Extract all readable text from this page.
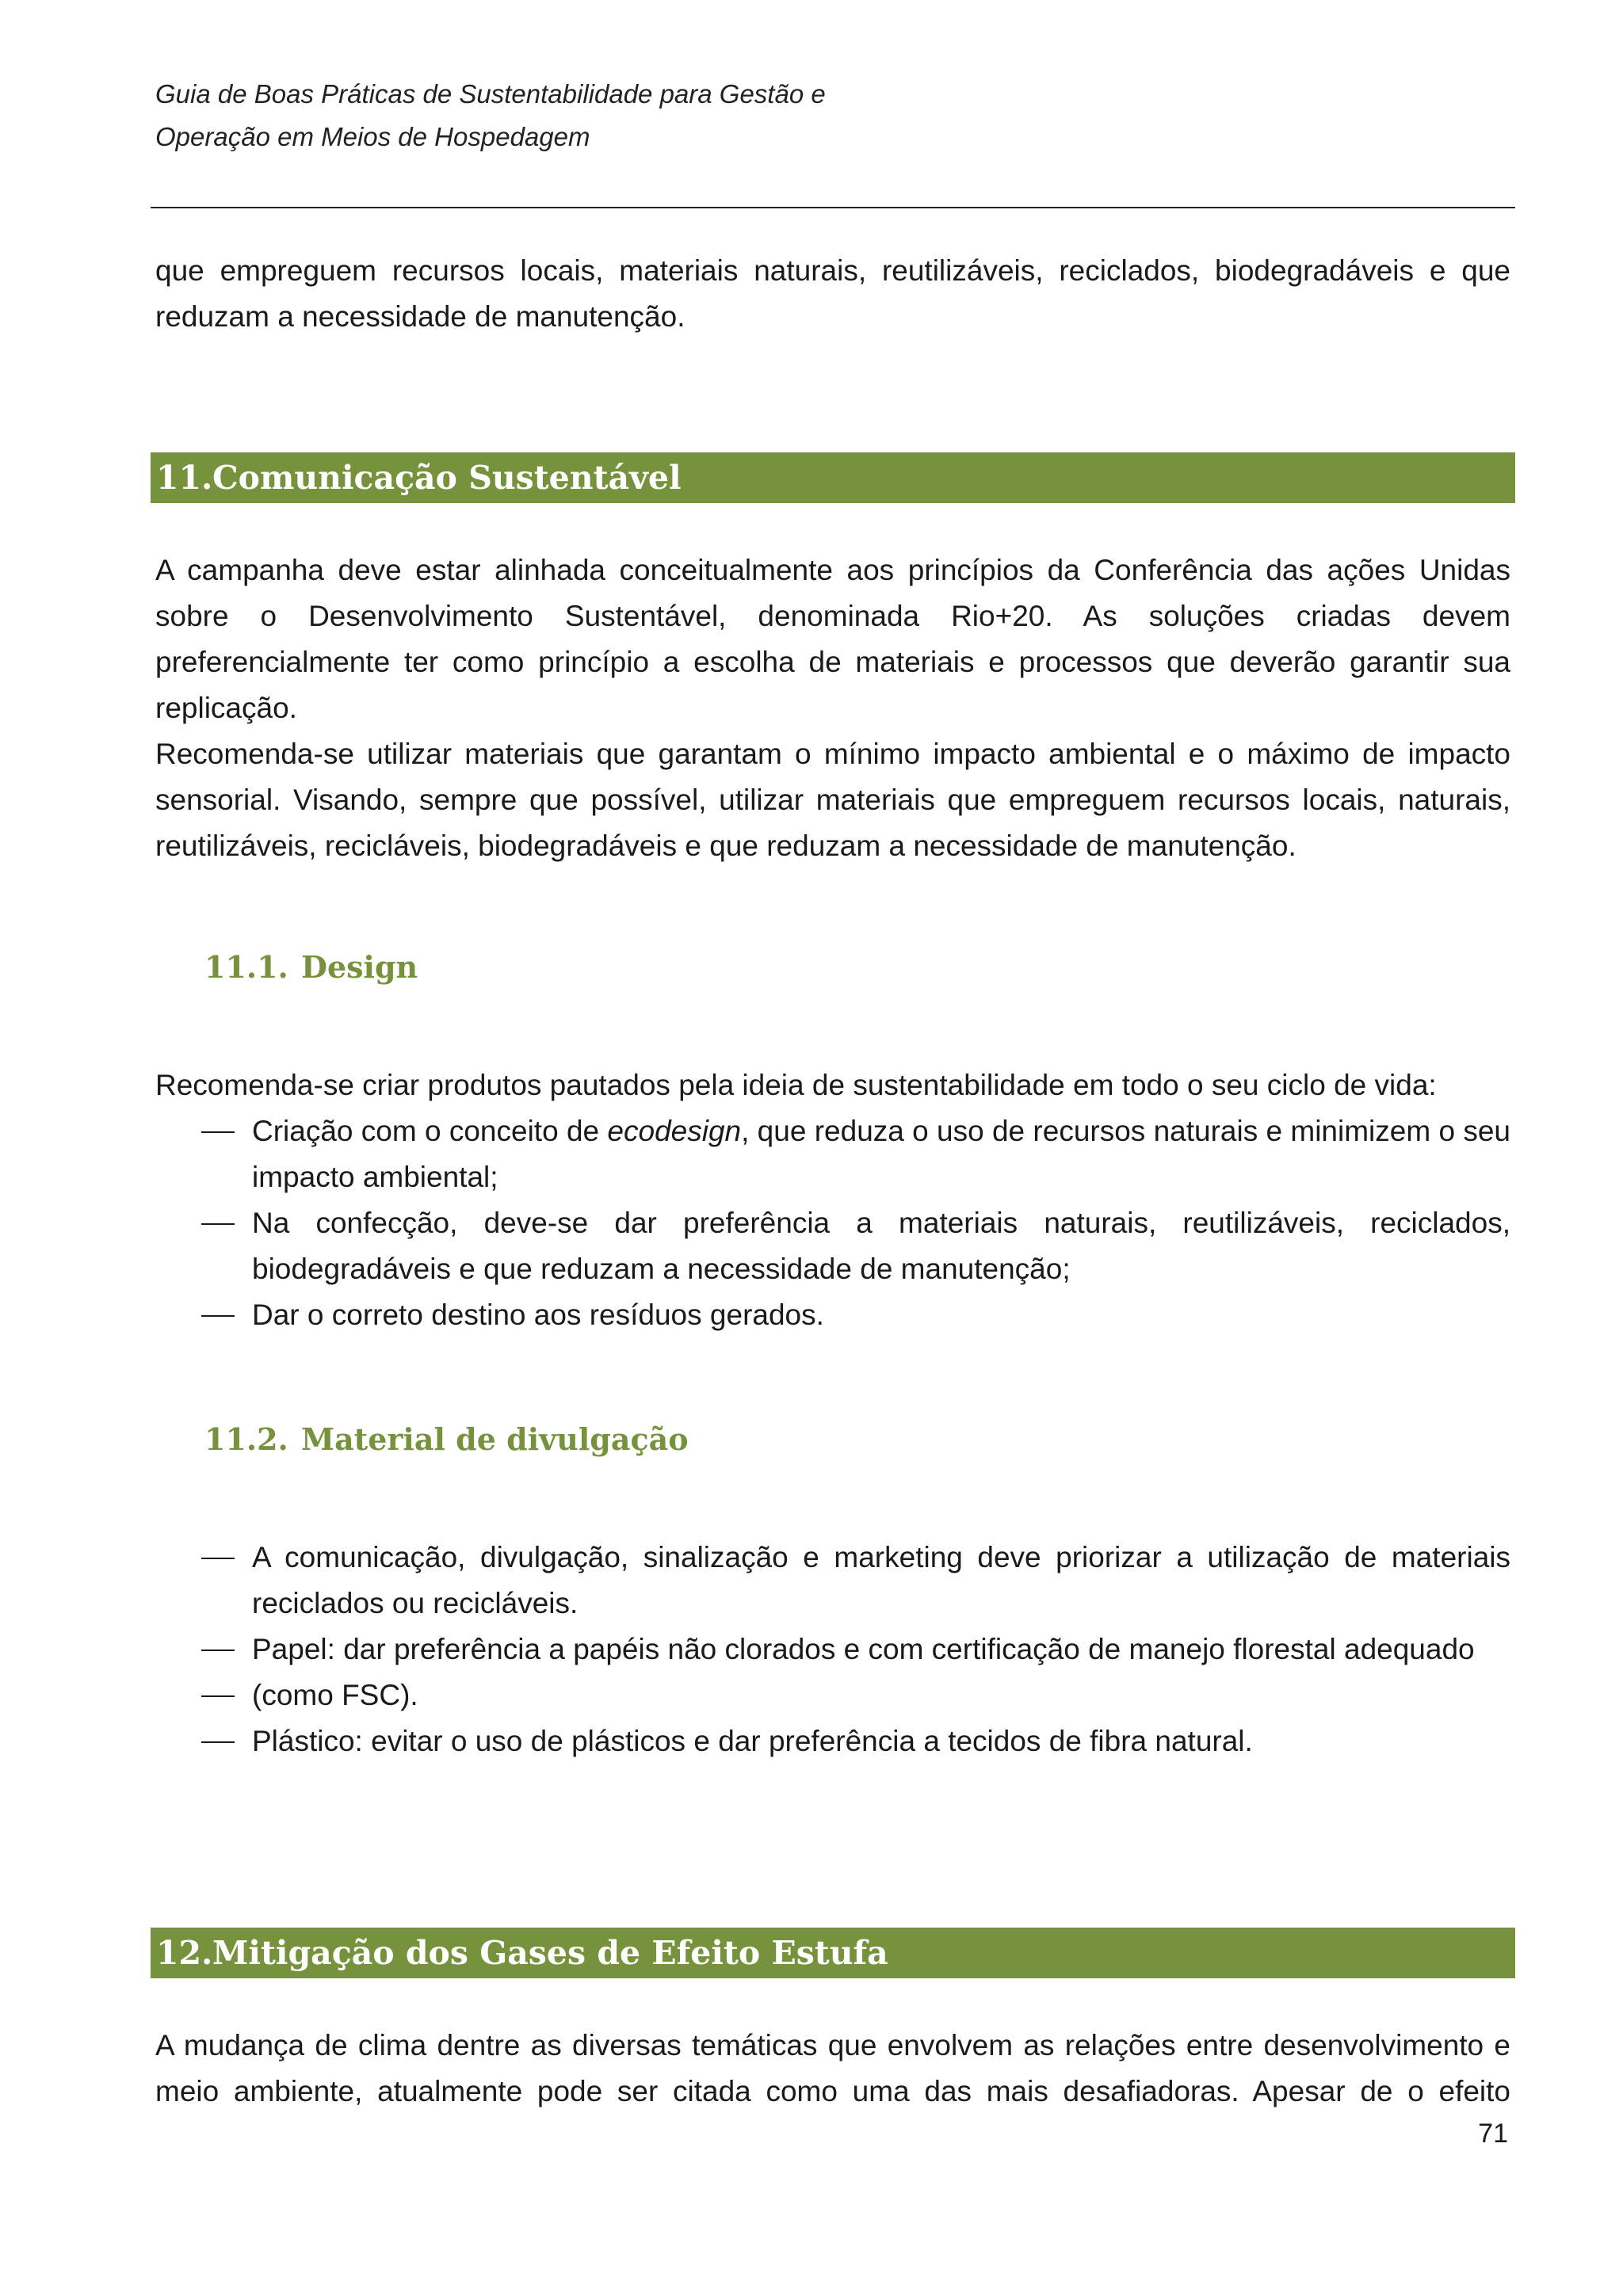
Guia de Boas Práticas de Sustentabilidade para Gestão e
Operação em Meios de Hospedagem

que empreguem recursos locais, materiais naturais, reutilizáveis, reciclados, biodegradáveis e que reduzam a necessidade de manutenção.

11. Comunicação Sustentável

A campanha deve estar alinhada conceitualmente aos princípios da Conferência das ações Unidas sobre o Desenvolvimento Sustentável, denominada Rio+20. As soluções criadas devem preferencialmente ter como princípio a escolha de materiais e processos que deverão garantir sua replicação.

Recomenda-se utilizar materiais que garantam o mínimo impacto ambiental e o máximo de impacto sensorial. Visando, sempre que possível, utilizar materiais que empreguem recursos locais, naturais, reutilizáveis, recicláveis, biodegradáveis e que reduzam a necessidade de manutenção.

11.1. Design

Recomenda-se criar produtos pautados pela ideia de sustentabilidade em todo o seu ciclo de vida:

Criação com o conceito de ecodesign, que reduza o uso de recursos naturais e minimizem o seu impacto ambiental;
Na confecção, deve-se dar preferência a materiais naturais, reutilizáveis, reciclados, biodegradáveis e que reduzam a necessidade de manutenção;
Dar o correto destino aos resíduos gerados.
11.2. Material de divulgação
A comunicação, divulgação, sinalização e marketing deve priorizar a utilização de materiais reciclados ou recicláveis.
Papel: dar preferência a papéis não clorados e com certificação de manejo florestal adequado
(como FSC).
Plástico: evitar o uso de plásticos e dar preferência a tecidos de fibra natural.
12. Mitigação dos Gases de Efeito Estufa

A mudança de clima dentre as diversas temáticas que envolvem as relações entre desenvolvimento e meio ambiente, atualmente pode ser citada como uma das mais desafiadoras. Apesar de o efeito

71
